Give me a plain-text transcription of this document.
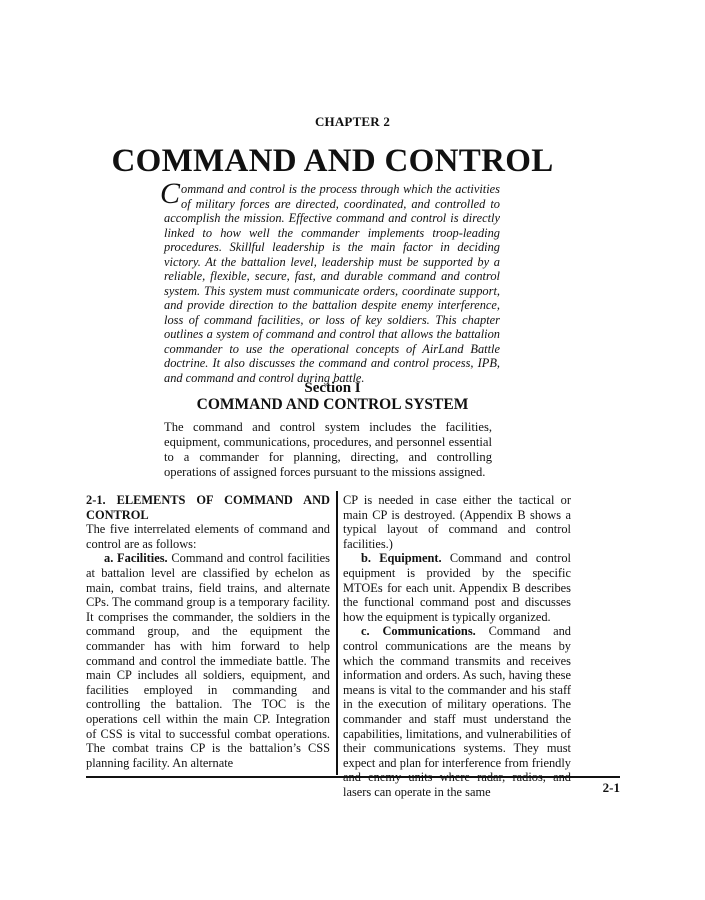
CHAPTER 2
COMMAND AND CONTROL
Command and control is the process through which the activities of military forces are directed, coordinated, and controlled to accomplish the mission. Effective command and control is directly linked to how well the commander implements troop-leading procedures. Skillful leadership is the main factor in deciding victory. At the battalion level, leadership must be supported by a reliable, flexible, secure, fast, and durable command and control system. This system must communicate orders, coordinate support, and provide direction to the battalion despite enemy interference, loss of command facilities, or loss of key soldiers. This chapter outlines a system of command and control that allows the battalion commander to use the operational concepts of AirLand Battle doctrine. It also discusses the command and control process, IPB, and command and control during battle.
Section I
COMMAND AND CONTROL SYSTEM
The command and control system includes the facilities, equipment, communications, procedures, and personnel essential to a commander for planning, directing, and controlling operations of assigned forces pursuant to the missions assigned.
2-1. ELEMENTS OF COMMAND AND CONTROL

The five interrelated elements of command and control are as follows:

a. Facilities. Command and control facilities at battalion level are classified by echelon as main, combat trains, field trains, and alternate CPs. The command group is a temporary facility. It comprises the commander, the soldiers in the command group, and the equipment the commander has with him forward to help command and control the immediate battle. The main CP includes all soldiers, equipment, and facilities employed in commanding and controlling the battalion. The TOC is the operations cell within the main CP. Integration of CSS is vital to successful combat operations. The combat trains CP is the battalion’s CSS planning facility. An alternate

CP is needed in case either the tactical or main CP is destroyed. (Appendix B shows a typical layout of command and control facilities.)

b. Equipment. Command and control equipment is provided by the specific MTOEs for each unit. Appendix B describes the functional command post and discusses how the equipment is typically organized.

c. Communications. Command and control communications are the means by which the command transmits and receives information and orders. As such, having these means is vital to the commander and his staff in the execution of military operations. The commander and staff must understand the capabilities, limitations, and vulnerabilities of their communications systems. They must expect and plan for interference from friendly lasers can operate in the same	2-1
